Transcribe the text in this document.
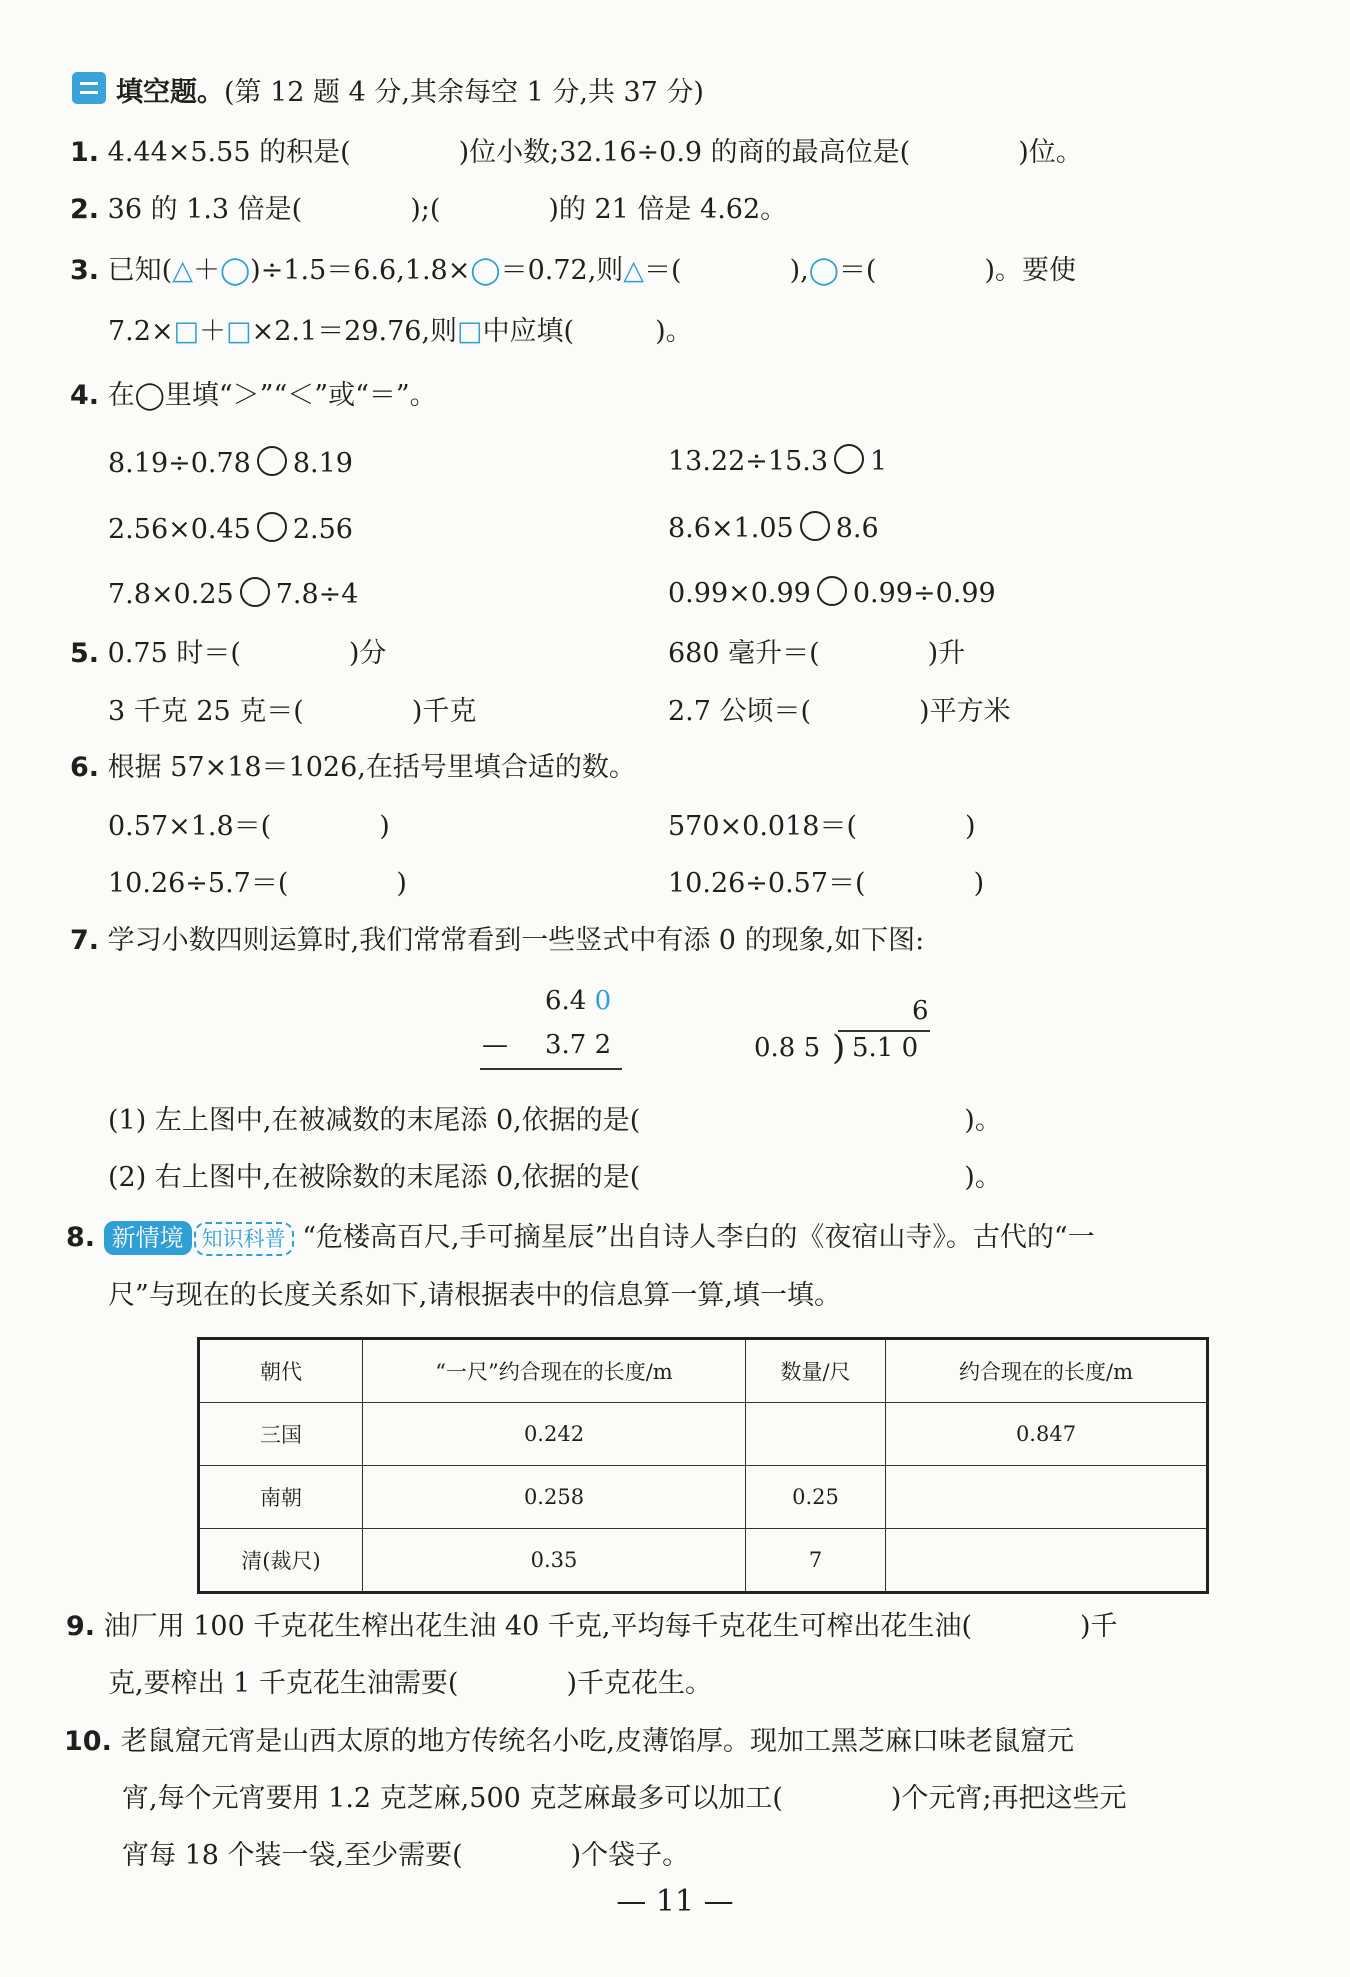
填空题。(第 12 题 4 分,其余每空 1 分,共 37 分)
1. 4.44×5.55 的积是(　　　　)位小数;32.16÷0.9 的商的最高位是(　　　　)位。
2. 36 的 1.3 倍是(　　　　);(　　　　)的 21 倍是 4.62。
3. 已知(△＋◯)÷1.5＝6.6,1.8×◯＝0.72,则△＝(　　　　),◯＝(　　　　)。要使
7.2×□＋□×2.1＝29.76,则□中应填(　　　)。
4. 在◯里填“＞”“＜”或“＝”。
8.19÷0.78 8.19	13.22÷15.3 1
2.56×0.45 2.56	8.6×1.05 8.6
7.8×0.25 7.8÷4	0.99×0.99 0.99÷0.99
5. 0.75 时＝(　　　　)分	680 毫升＝(　　　　)升
3 千克 25 克＝(　　　　)千克	2.7 公顷＝(　　　　)平方米
6. 根据 57×18＝1026,在括号里填合适的数。
0.57×1.8＝(　　　　)	570×0.018＝(　　　　)
10.26÷5.7＝(　　　　)	10.26÷0.57＝(　　　　)
7. 学习小数四则运算时,我们常常看到一些竖式中有添 0 的现象,如下图:
6.4 0
— 3.7 2
6
0.8 5 ) 5.1 0
(1) 左上图中,在被减数的末尾添 0,依据的是(　　　　　　　　　　　　)。
(2) 右上图中,在被除数的末尾添 0,依据的是(　　　　　　　　　　　　)。
8. 新情境 知识科普 “危楼高百尺,手可摘星辰”出自诗人李白的《夜宿山寺》。古代的“一
尺”与现在的长度关系如下,请根据表中的信息算一算,填一填。
朝代	“一尺”约合现在的长度/m	数量/尺	约合现在的长度/m
三国	0.242		0.847
南朝	0.258	0.25	
清(裁尺)	0.35	7	
9. 油厂用 100 千克花生榨出花生油 40 千克,平均每千克花生可榨出花生油(　　　　)千
克,要榨出 1 千克花生油需要(　　　　)千克花生。
10. 老鼠窟元宵是山西太原的地方传统名小吃,皮薄馅厚。现加工黑芝麻口味老鼠窟元
宵,每个元宵要用 1.2 克芝麻,500 克芝麻最多可以加工(　　　　)个元宵;再把这些元
宵每 18 个装一袋,至少需要(　　　　)个袋子。
— 11 —
